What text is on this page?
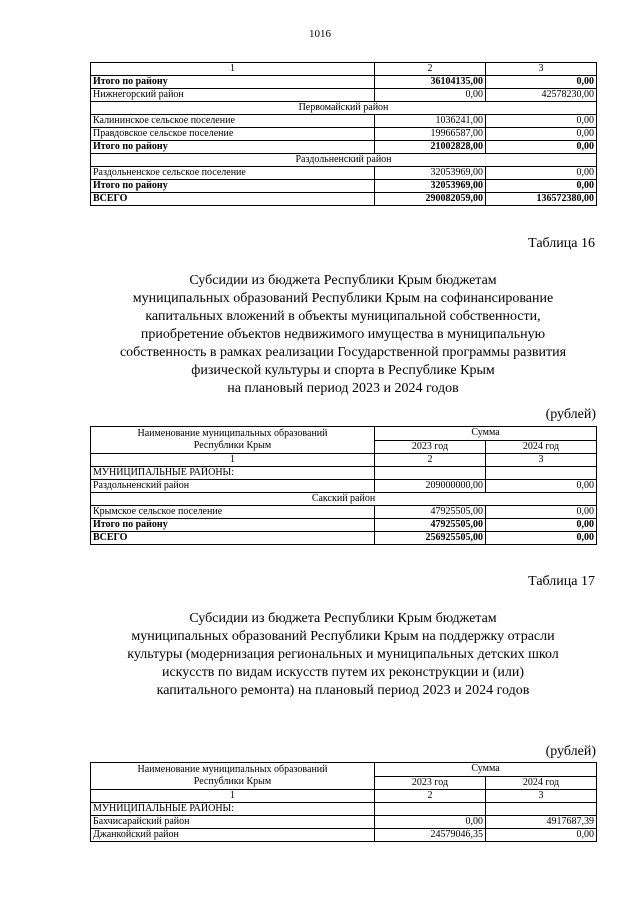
1016
1	2	3
Итого по району	36104135,00	0,00
Нижнегорский район	0,00	42578230,00
Первомайский район		
Калининское сельское поселение	1036241,00	0,00
Правдовское сельское поселение	19966587,00	0,00
Итого по району	21002828,00	0,00
Раздольненский район		
Раздольненское сельское поселение	32053969,00	0,00
Итого по району	32053969,00	0,00
ВСЕГО	290082059,00	136572380,00
Таблица 16
Субсидии из бюджета Республики Крым бюджетам
муниципальных образований Республики Крым на софинансирование
капитальных вложений в объекты муниципальной собственности,
приобретение объектов недвижимого имущества в муниципальную
собственность в рамках реализации Государственной программы развития
физической культуры и спорта в Республике Крым
на плановый период 2023 и 2024 годов
(рублей)
Наименование муниципальных образований
Республики Крым	Сумма	
	2023 год	2024 год
1	2	3
МУНИЦИПАЛЬНЫЕ РАЙОНЫ:		
Раздольненский район	209000000,00	0,00
Сакский район		
Крымское сельское поселение	47925505,00	0,00
Итого по району	47925505,00	0,00
ВСЕГО	256925505,00	0,00
Таблица 17
Субсидии из бюджета Республики Крым бюджетам
муниципальных образований Республики Крым на поддержку отрасли
культуры (модернизация региональных и муниципальных детских школ
искусств по видам искусств путем их реконструкции и (или)
капитального ремонта) на плановый период 2023 и 2024 годов
(рублей)
Наименование муниципальных образований
Республики Крым	Сумма	
	2023 год	2024 год
1	2	3
МУНИЦИПАЛЬНЫЕ РАЙОНЫ:		
Бахчисарайский район	0,00	4917687,39
Джанкойский район	24579046,35	0,00
